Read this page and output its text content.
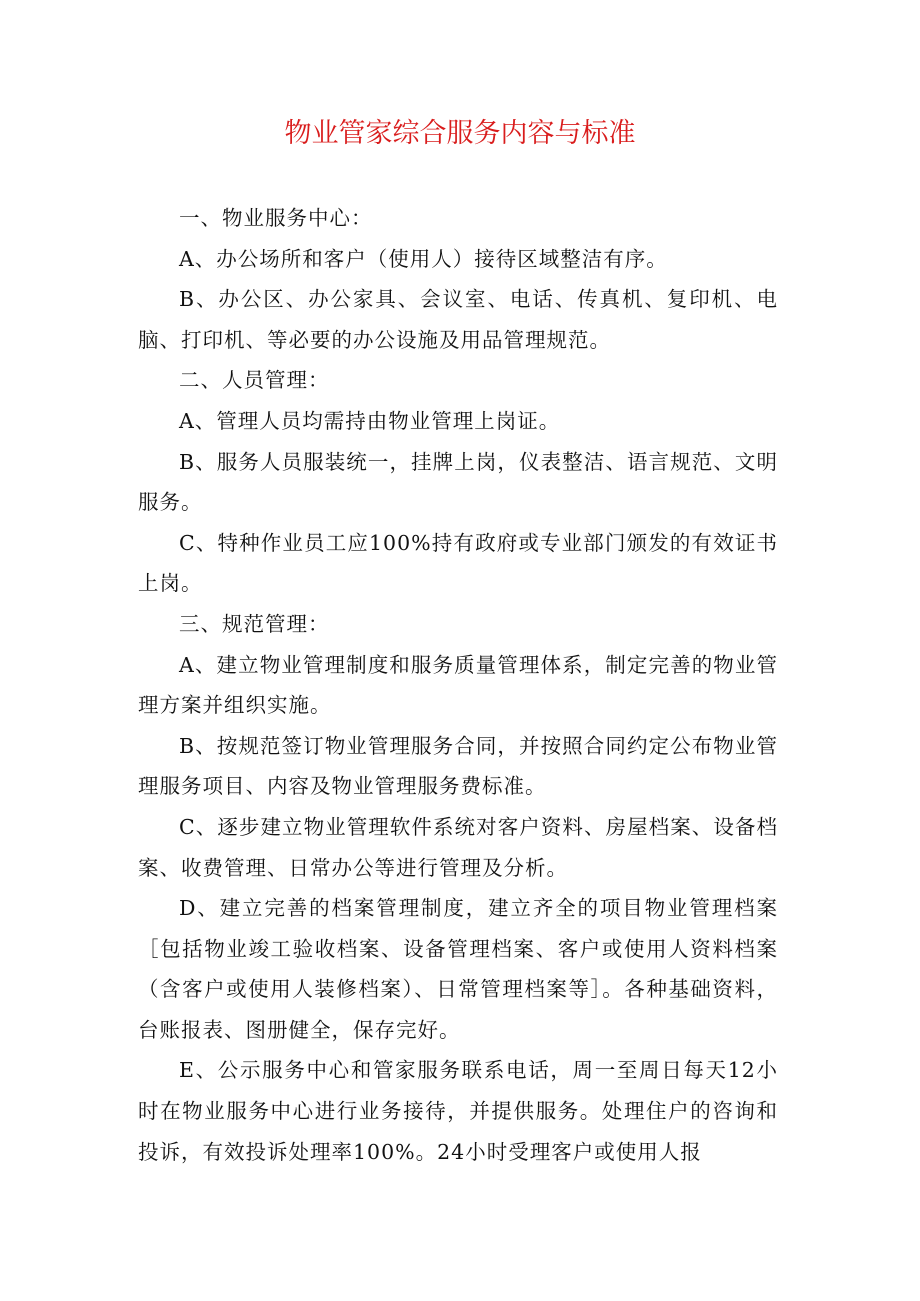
物业管家综合服务内容与标准

一、物业服务中心：

A、办公场所和客户（使用人）接待区域整洁有序。

B、办公区、办公家具、会议室、电话、传真机、复印机、电脑、打印机、等必要的办公设施及用品管理规范。

二、人员管理：

A、管理人员均需持由物业管理上岗证。

B、服务人员服装统一，挂牌上岗，仪表整洁、语言规范、文明服务。

C、特种作业员工应100%持有政府或专业部门颁发的有效证书上岗。

三、规范管理：

A、建立物业管理制度和服务质量管理体系，制定完善的物业管理方案并组织实施。

B、按规范签订物业管理服务合同，并按照合同约定公布物业管理服务项目、内容及物业管理服务费标准。

C、逐步建立物业管理软件系统对客户资料、房屋档案、设备档案、收费管理、日常办公等进行管理及分析。

D、建立完善的档案管理制度，建立齐全的项目物业管理档案［包括物业竣工验收档案、设备管理档案、客户或使用人资料档案（含客户或使用人装修档案）、日常管理档案等］。各种基础资料，台账报表、图册健全，保存完好。

E、公示服务中心和管家服务联系电话，周一至周日每天12小时在物业服务中心进行业务接待，并提供服务。处理住户的咨询和投诉，有效投诉处理率100%。24小时受理客户或使用人报
